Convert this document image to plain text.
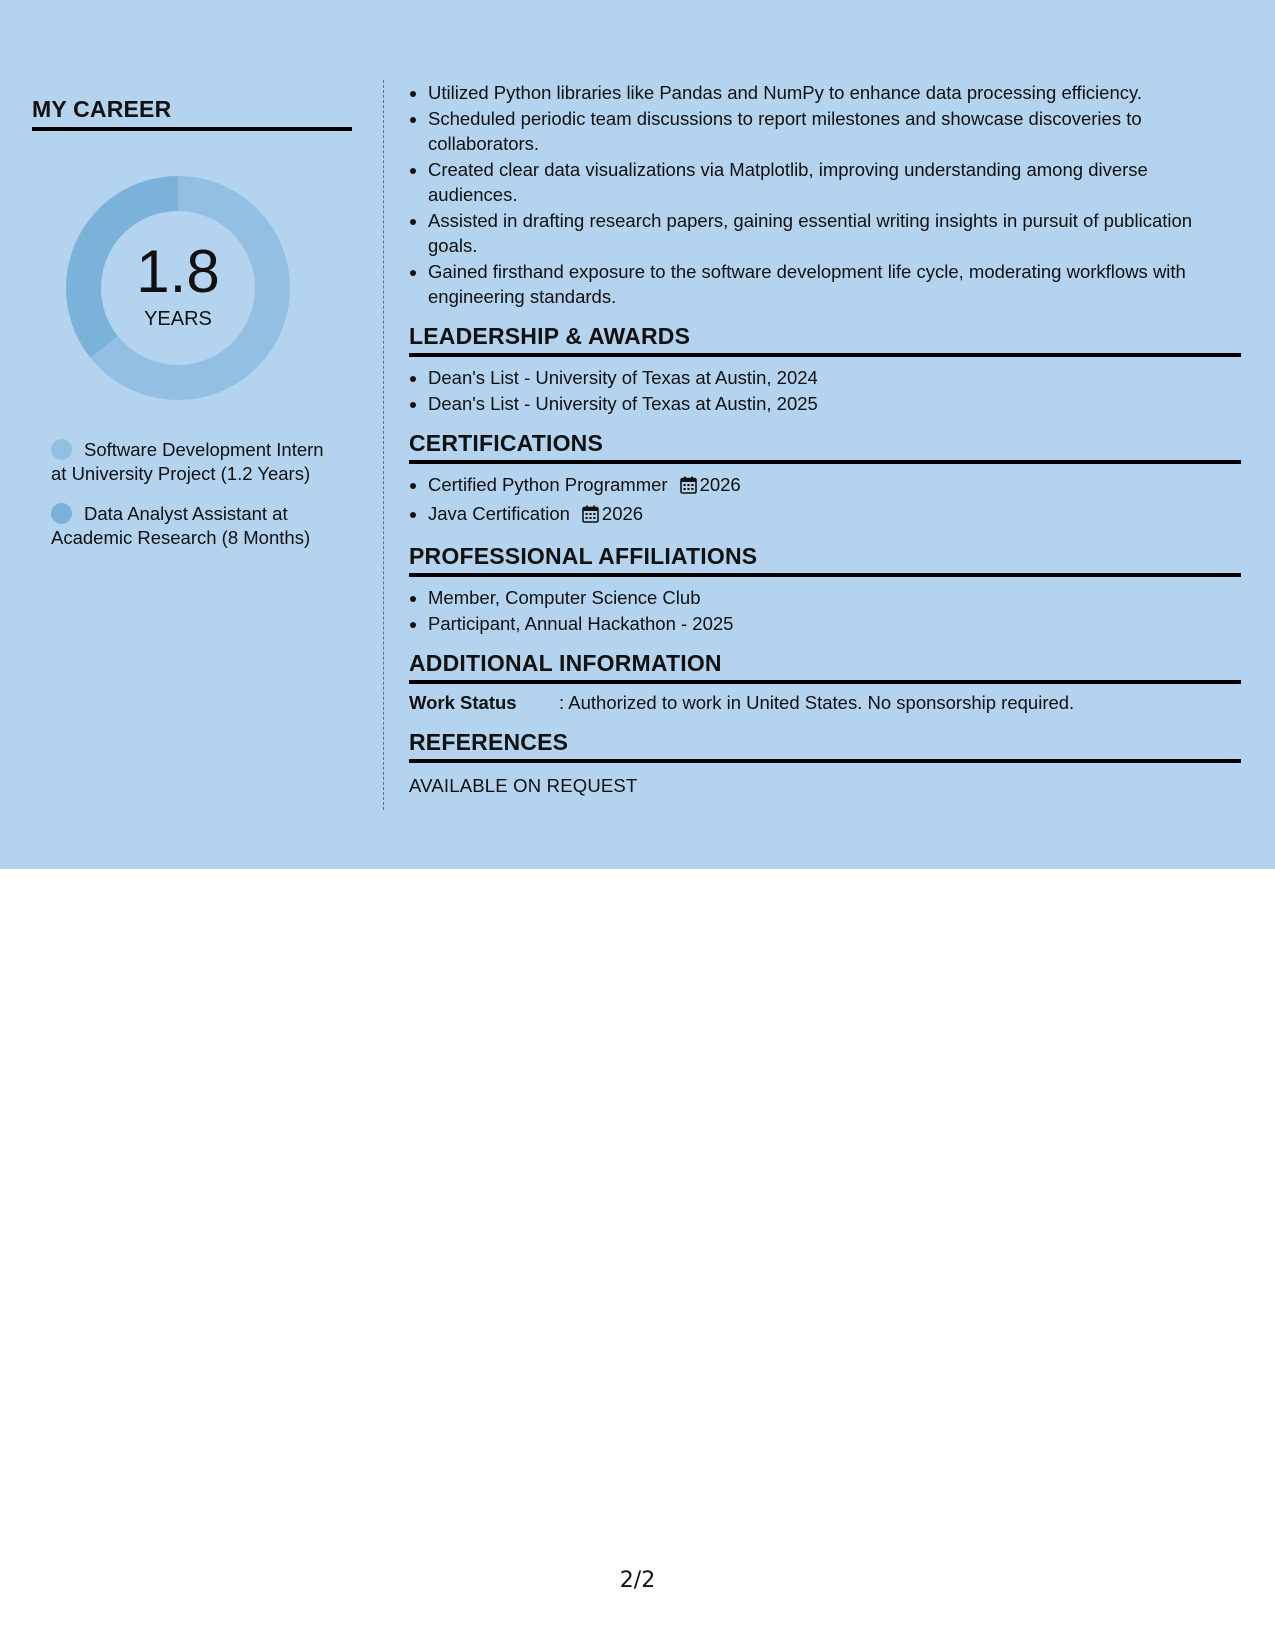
MY CAREER
1.8
YEARS
Software Development Intern at University Project (1.2 Years)
Data Analyst Assistant at Academic Research (8 Months)
• Utilized Python libraries like Pandas and NumPy to enhance data processing efficiency.
• Scheduled periodic team discussions to report milestones and showcase discoveries to collaborators.
• Created clear data visualizations via Matplotlib, improving understanding among diverse audiences.
• Assisted in drafting research papers, gaining essential writing insights in pursuit of publication goals.
• Gained firsthand exposure to the software development life cycle, moderating workflows with engineering standards.
LEADERSHIP & AWARDS
• Dean's List - University of Texas at Austin, 2024
• Dean's List - University of Texas at Austin, 2025
CERTIFICATIONS
• Certified Python Programmer 2026
• Java Certification 2026
PROFESSIONAL AFFILIATIONS
• Member, Computer Science Club
• Participant, Annual Hackathon - 2025
ADDITIONAL INFORMATION
Work Status : Authorized to work in United States. No sponsorship required.
REFERENCES
AVAILABLE ON REQUEST
2/2
